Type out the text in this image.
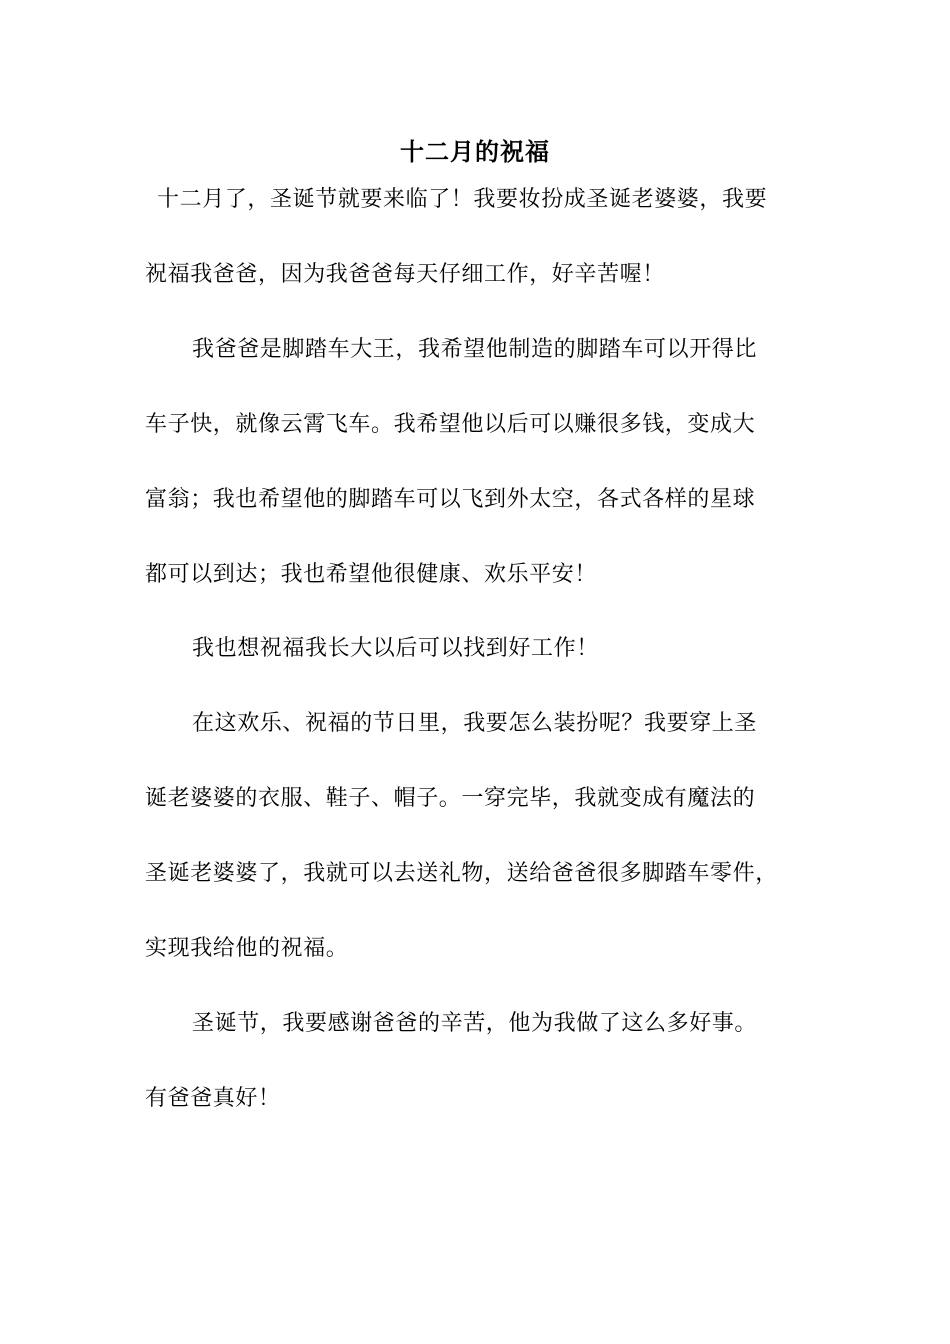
十二月的祝福
十二月了，圣诞节就要来临了！我要妆扮成圣诞老婆婆，我要
祝福我爸爸，因为我爸爸每天仔细工作，好辛苦喔！
我爸爸是脚踏车大王，我希望他制造的脚踏车可以开得比
车子快，就像云霄飞车。我希望他以后可以赚很多钱，变成大
富翁；我也希望他的脚踏车可以飞到外太空，各式各样的星球
都可以到达；我也希望他很健康、欢乐平安！
我也想祝福我长大以后可以找到好工作！
在这欢乐、祝福的节日里，我要怎么装扮呢？我要穿上圣
诞老婆婆的衣服、鞋子、帽子。一穿完毕，我就变成有魔法的
圣诞老婆婆了，我就可以去送礼物，送给爸爸很多脚踏车零件，
实现我给他的祝福。
圣诞节，我要感谢爸爸的辛苦，他为我做了这么多好事。
有爸爸真好！
